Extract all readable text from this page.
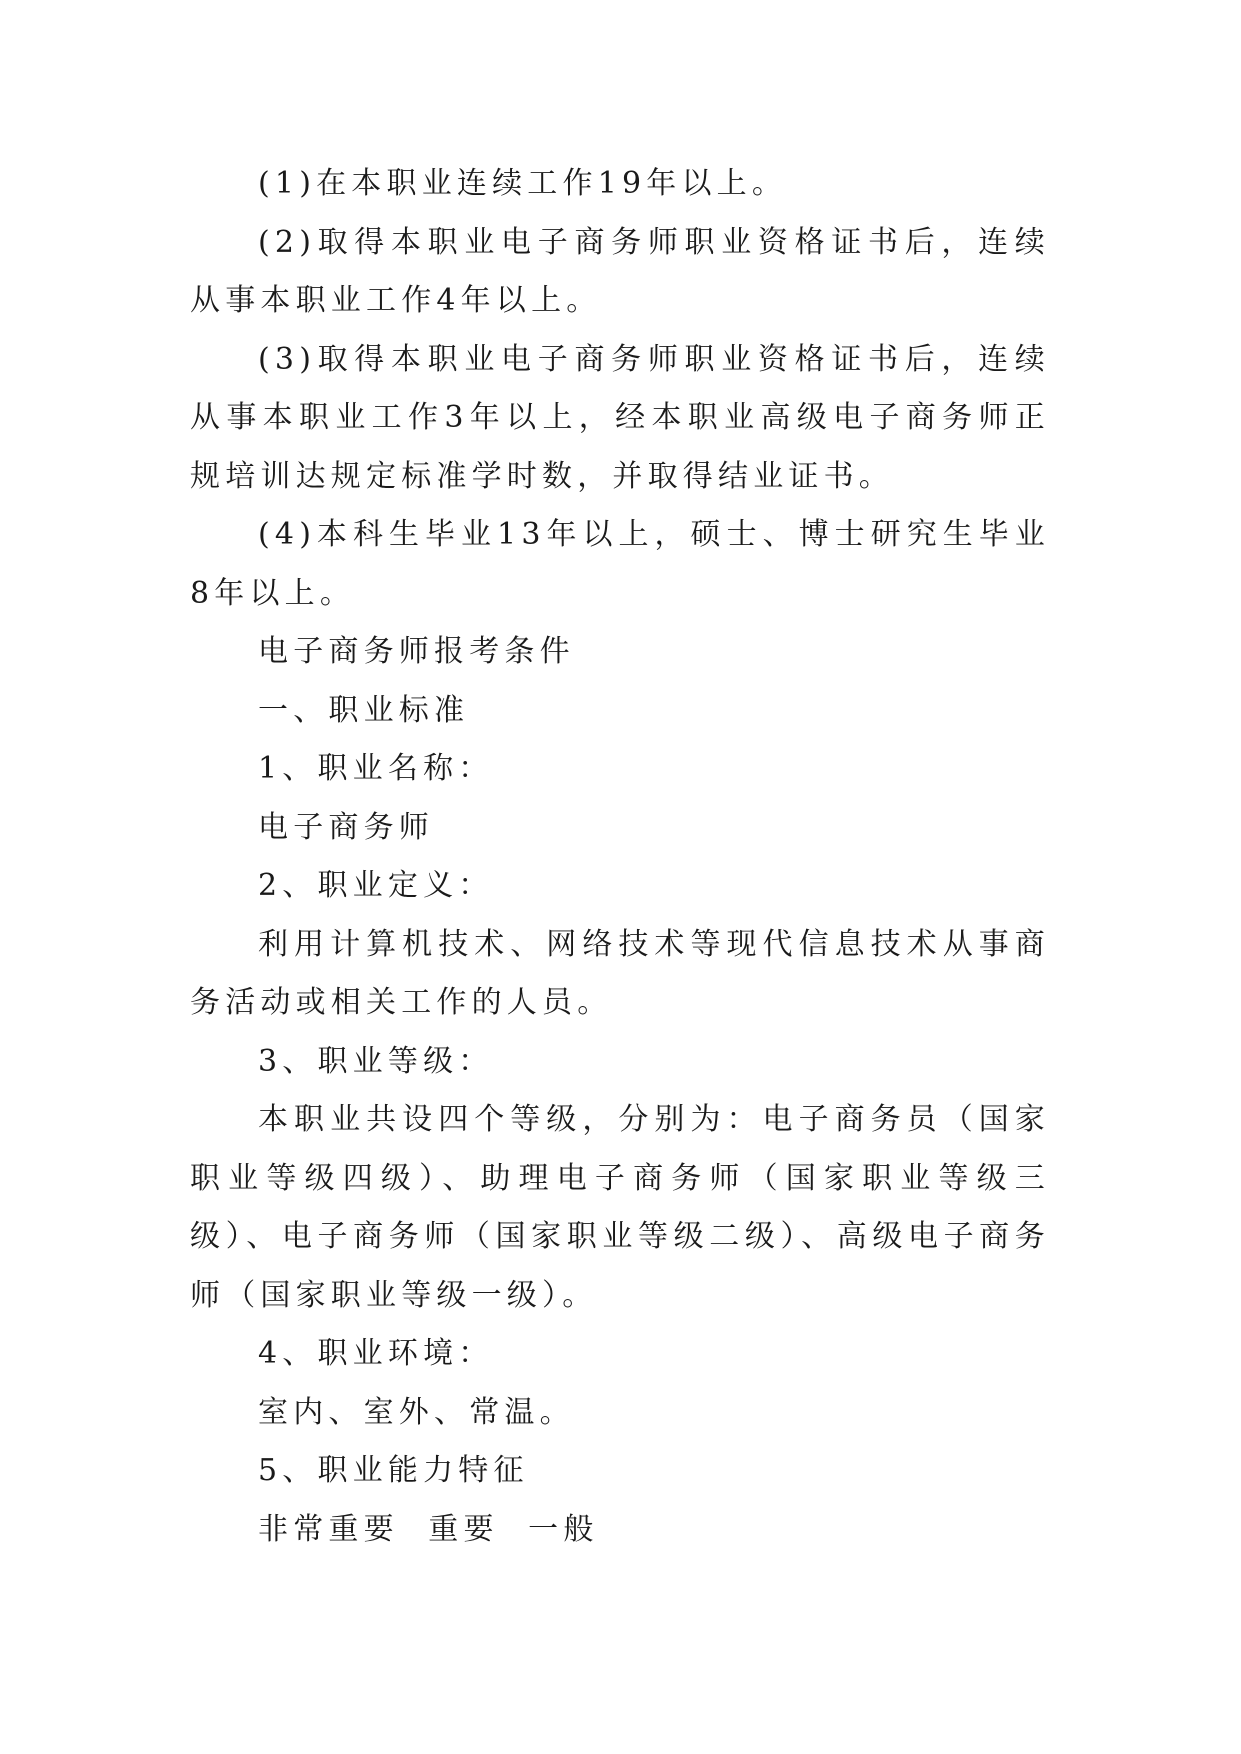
(1)在本职业连续工作19年以上。

(2)取得本职业电子商务师职业资格证书后，连续从事本职业工作4年以上。

(3)取得本职业电子商务师职业资格证书后，连续从事本职业工作3年以上，经本职业高级电子商务师正规培训达规定标准学时数，并取得结业证书。

(4)本科生毕业13年以上，硕士、博士研究生毕业8年以上。

电子商务师报考条件

一、职业标准

1、职业名称：

电子商务师

2、职业定义：

利用计算机技术、网络技术等现代信息技术从事商务活动或相关工作的人员。

3、职业等级：

本职业共设四个等级，分别为：电子商务员（国家职业等级四级）、助理电子商务师（国家职业等级三级）、电子商务师（国家职业等级二级）、高级电子商务师（国家职业等级一级）。

4、职业环境：

室内、室外、常温。

5、职业能力特征

非常重要  重要  一般
